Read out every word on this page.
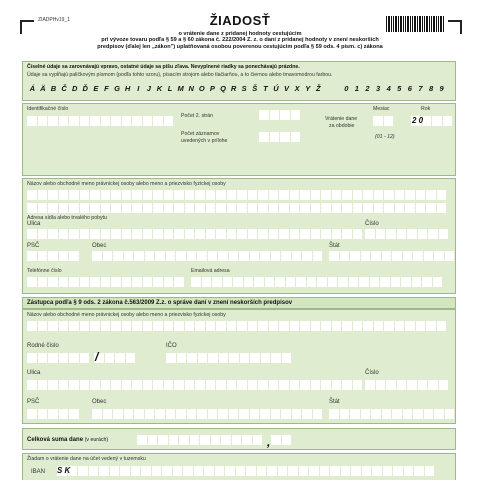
ZIADPHv19_1	ŽIADOSŤ
o vrátenie dane z pridanej hodnoty cestujúcim
pri vývoze tovaru podľa § 59 a § 60 zákona č. 222/2004 Z. z. o dani z pridanej hodnoty v znení neskorších
predpisov (ďalej len „zákon") uplatňovaná osobou poverenou cestujúcim podľa § 59 ods. 4 písm. c) zákona
Číselné údaje sa zarovnávajú vpravo, ostatné údaje sa píšu zľava. Nevyplnené riadky sa ponechávajú prázdne.
Údaje sa vypĺňajú paličkovým písmom (podľa tohto vzoru), písacím strojom alebo tlačiarňou, a to čiernou alebo tmavomodrou farbou.
Á Ä B Č D Ď E F G H I J K L M N O P Q R S Š T Ú V X Y Ž	0 1 2 3 4 5 6 7 8 9
Identifikačné číslo
Počet 2. strán
Počet záznamov
uvedených v prílohe
Mesiac	Rok
Vrátenie dane
za obdobie
2 0
(01 - 12)
Názov alebo obchodné meno právnickej osoby alebo meno a priezvisko fyzickej osoby
Adresa sídla alebo trvalého pobytu
Ulica	Číslo
PSČ	Obec	Štát
Telefónne číslo	Emailová adresa
Zástupca podľa § 9 ods. 2 zákona č.563/2009 Z.z. o správe daní v znení neskorších predpisov
Názov alebo obchodné meno právnickej osoby alebo meno a priezvisko fyzickej osoby
Rodné číslo	IČO
/
Ulica	Číslo
PSČ	Obec	Štát
Celková suma dane (v eurách)	,
Žiadam o vrátenie dane na účet vedený v tuzemsku
IBAN S K
